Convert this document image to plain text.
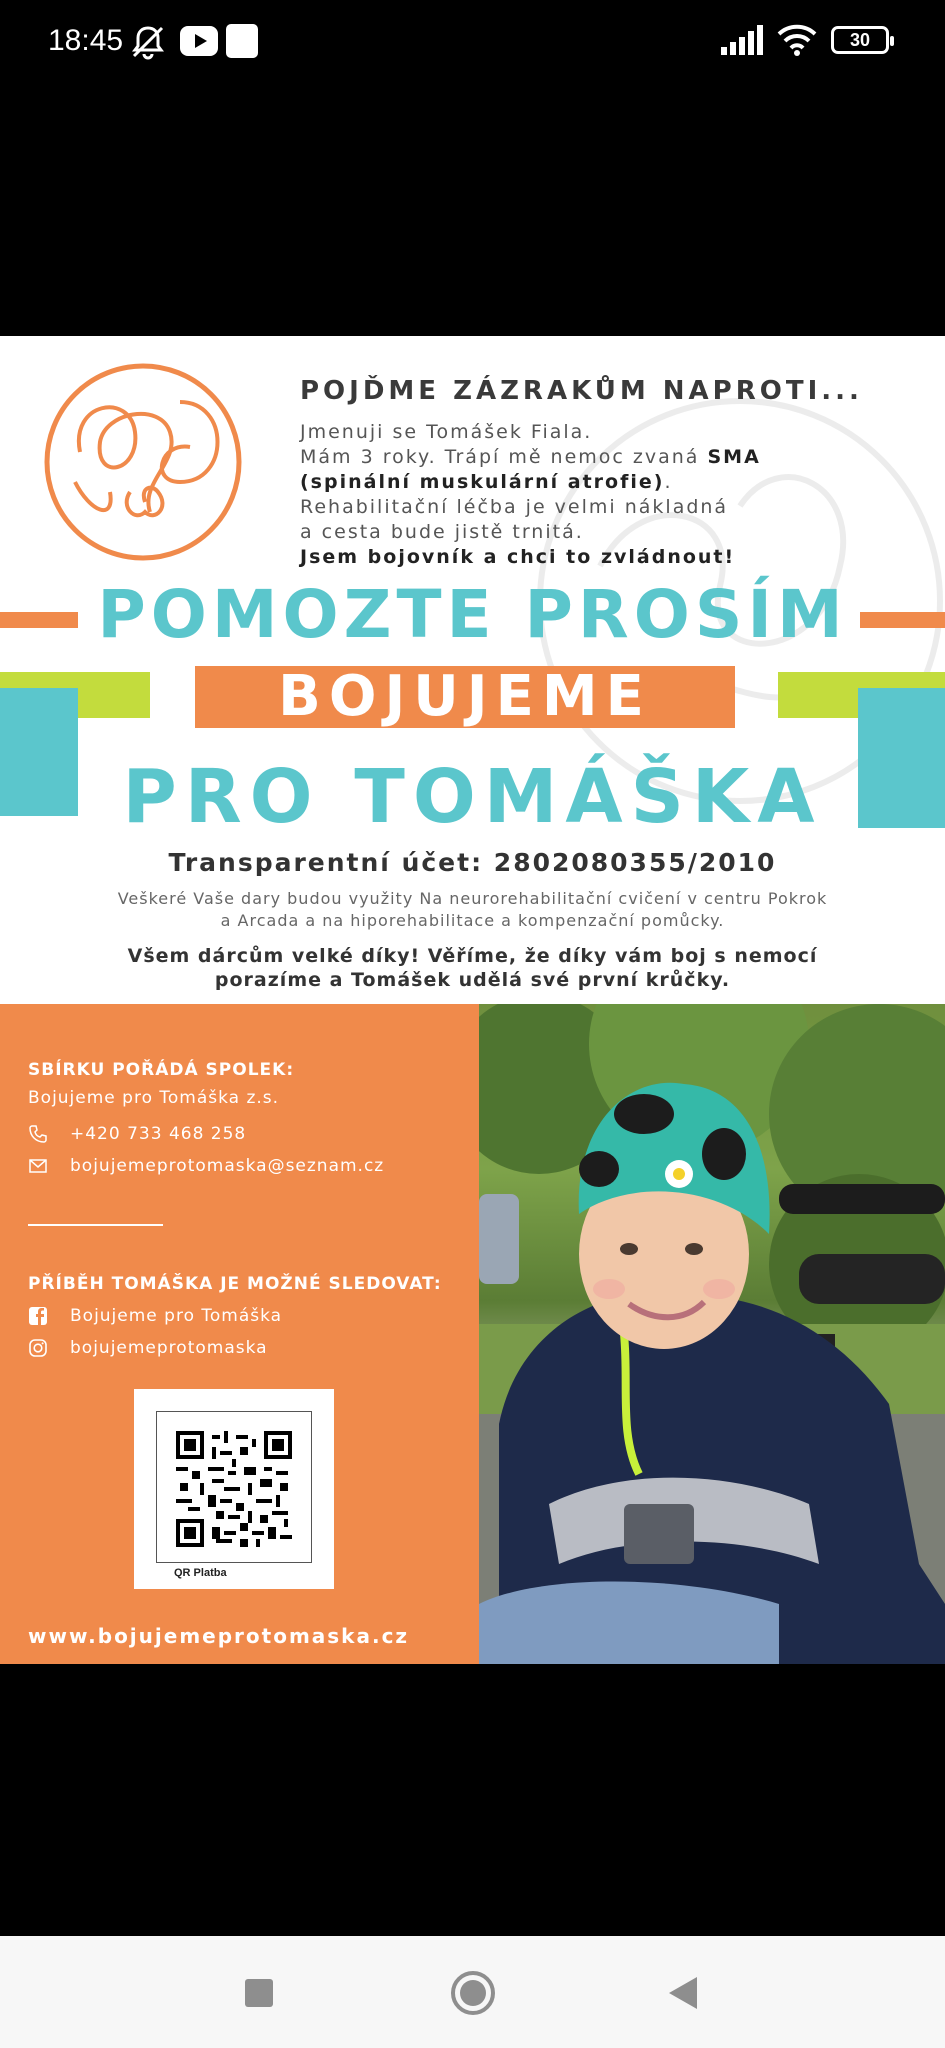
18:45	30
POJĎME ZÁZRAKŮM NAPROTI...
Jmenuji se Tomášek Fiala.
Mám 3 roky. Trápí mě nemoc zvaná SMA
(spinální muskulární atrofie).
Rehabilitační léčba je velmi nákladná
a cesta bude jistě trnitá.
Jsem bojovník a chci to zvládnout!
POMOZTE PROSÍM
BOJUJEME
PRO TOMÁŠKA
Transparentní účet: 2802080355/2010
Veškeré Vaše dary budou využity Na neurorehabilitační cvičení v centru Pokrok
a Arcada a na hiporehabilitace a kompenzační pomůcky.
Všem dárcům velké díky! Věříme, že díky vám boj s nemocí
porazíme a Tomášek udělá své první krůčky.
SBÍRKU POŘÁDÁ SPOLEK:
Bojujeme pro Tomáška z.s.
+420 733 468 258
bojujemeprotomaska@seznam.cz
PŘÍBĚH TOMÁŠKA JE MOŽNÉ SLEDOVAT:
Bojujeme pro Tomáška
bojujemeprotomaska
QR Platba
www.bojujemeprotomaska.cz
